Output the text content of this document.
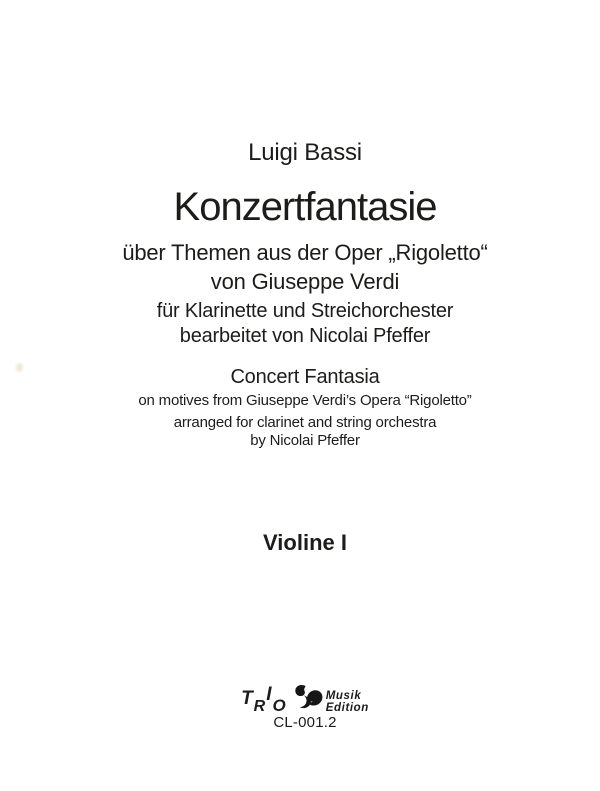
Luigi Bassi
Konzertfantasie
über Themen aus der Oper „Rigoletto“
von Giuseppe Verdi
für Klarinette und Streichorchester
bearbeitet von Nicolai Pfeffer
Concert Fantasia
on motives from Giuseppe Verdi’s Opera “Rigoletto”
arranged for clarinet and string orchestra
by Nicolai Pfeffer
Violine I
T R
I
O	Musik
Edition
CL-001.2
